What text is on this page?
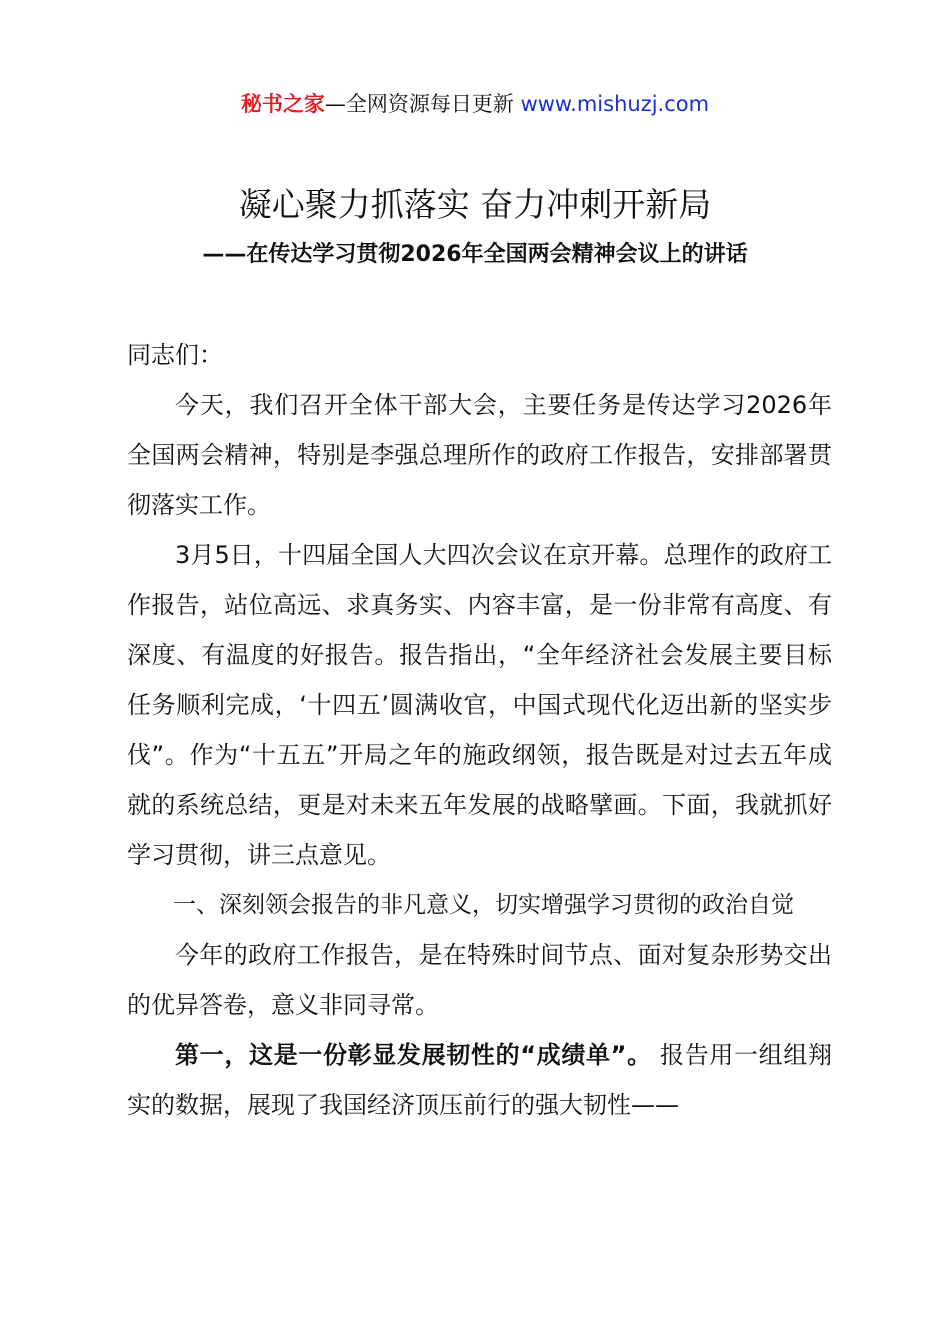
秘书之家—全网资源每日更新 www.mishuzj.com
凝心聚力抓落实 奋力冲刺开新局
——在传达学习贯彻2026年全国两会精神会议上的讲话

同志们：

今天，我们召开全体干部大会，主要任务是传达学习2026年全国两会精神，特别是李强总理所作的政府工作报告，安排部署贯彻落实工作。

3月5日，十四届全国人大四次会议在京开幕。总理作的政府工作报告，站位高远、求真务实、内容丰富，是一份非常有高度、有深度、有温度的好报告。报告指出，“全年经济社会发展主要目标任务顺利完成，‘十四五’圆满收官，中国式现代化迈出新的坚实步伐”。作为“十五五”开局之年的施政纲领，报告既是对过去五年成就的系统总结，更是对未来五年发展的战略擘画。下面，我就抓好学习贯彻，讲三点意见。

一、深刻领会报告的非凡意义，切实增强学习贯彻的政治自觉

今年的政府工作报告，是在特殊时间节点、面对复杂形势交出的优异答卷，意义非同寻常。

第一，这是一份彰显发展韧性的“成绩单”。 报告用一组组翔实的数据，展现了我国经济顶压前行的强大韧性——
